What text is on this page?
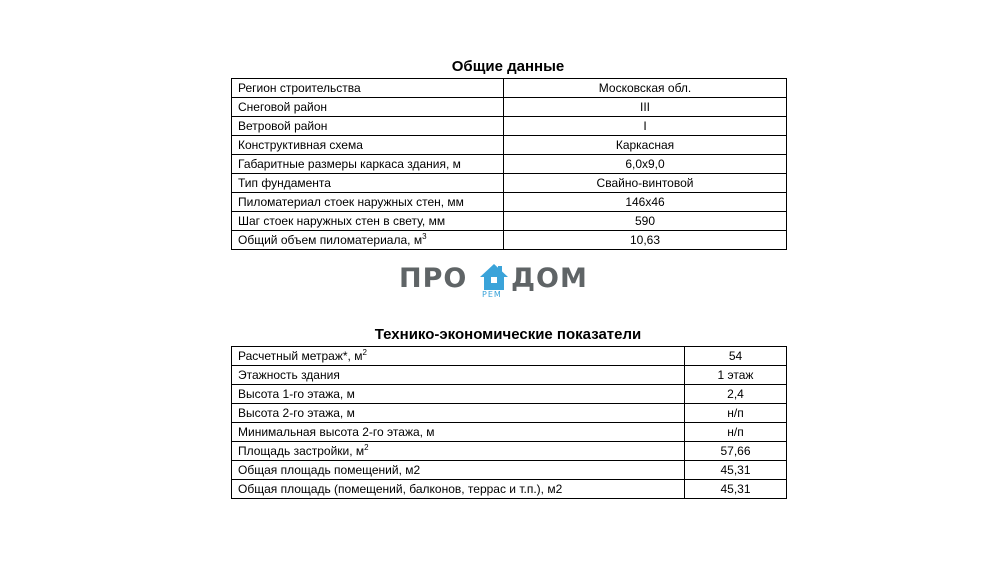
Общие данные
Регион строительства	Московская обл.
Снеговой район	III
Ветровой район	I
Конструктивная схема	Каркасная
Габаритные размеры каркаса здания, м	6,0х9,0
Тип фундамента	Свайно-винтовой
Пиломатериал стоек наружных стен, мм	146х46
Шаг стоек наружных стен в свету, мм	590
Общий объем пиломатериала, $м^3$	10,63
ПРО
РЕМ
ДОМ
Технико-экономические показатели
Расчетный метраж*, $м^2$	54
Этажность здания	1 этаж
Высота 1-го этажа, м	2,4
Высота 2-го этажа, м	н/п
Минимальная высота 2-го этажа, м	н/п
Площадь застройки, $м^2$	57,66
Общая площадь помещений, м2	45,31
Общая площадь (помещений, балконов, террас и т.п.), м2	45,31
